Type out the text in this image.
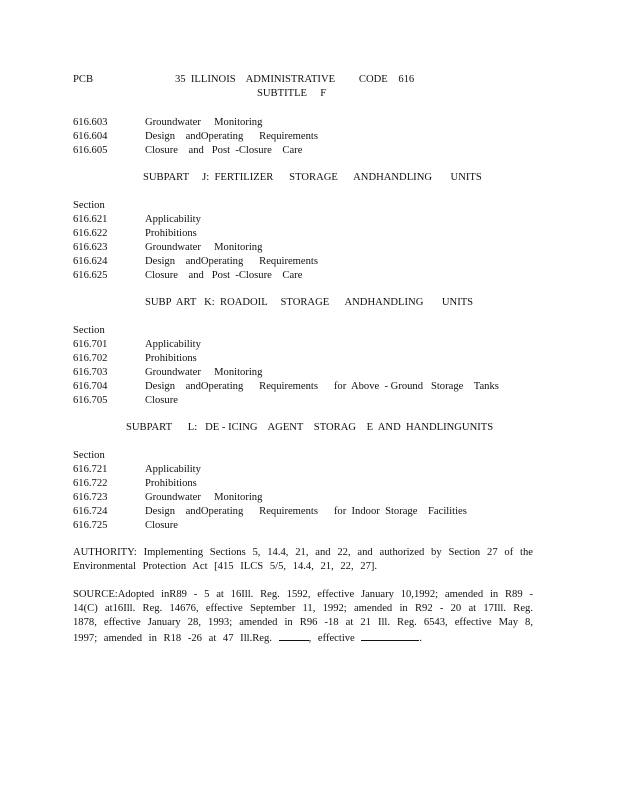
PCB	35  ILLINOIS    ADMINISTRATIVE         CODE    616
SUBTITLE     F
616.603	Groundwater     Monitoring
616.604	Design    andOperating      Requirements
616.605	Closure    and   Post  -Closure    Care
SUBPART     J:  FERTILIZER      STORAGE      ANDHANDLING       UNITS
Section
616.621	Applicability
616.622	Prohibitions
616.623	Groundwater     Monitoring
616.624	Design    andOperating      Requirements
616.625	Closure    and   Post  -Closure    Care
SUBP  ART   K:  ROADOIL     STORAGE      ANDHANDLING       UNITS
Section
616.701	Applicability
616.702	Prohibitions
616.703	Groundwater     Monitoring
616.704	Design    andOperating      Requirements      for  Above  - Ground   Storage    Tanks
616.705	Closure
SUBPART      L:   DE - ICING    AGENT    STORAG    E  AND  HANDLINGUNITS
Section
616.721	Applicability
616.722	Prohibitions
616.723	Groundwater     Monitoring
616.724	Design    andOperating      Requirements      for  Indoor  Storage    Facilities
616.725	Closure
AUTHORITY: Implementing Sections 5, 14.4, 21, and 22, and authorized by Section 27 of the Environmental Protection Act [415 ILCS 5/5, 14.4, 21, 22, 27].
SOURCE:Adopted inR89 - 5 at 16Ill. Reg. 1592, effective January 10,1992; amended in R89 - 14(C) at16Ill. Reg. 14676, effective September 11, 1992; amended in R92 - 20 at 17Ill. Reg. 1878, effective January 28, 1993; amended in R96 -18 at 21 Ill. Reg. 6543, effective May 8, 1997; amended in R18 -26 at 47 Ill.Reg.	, effective	.
